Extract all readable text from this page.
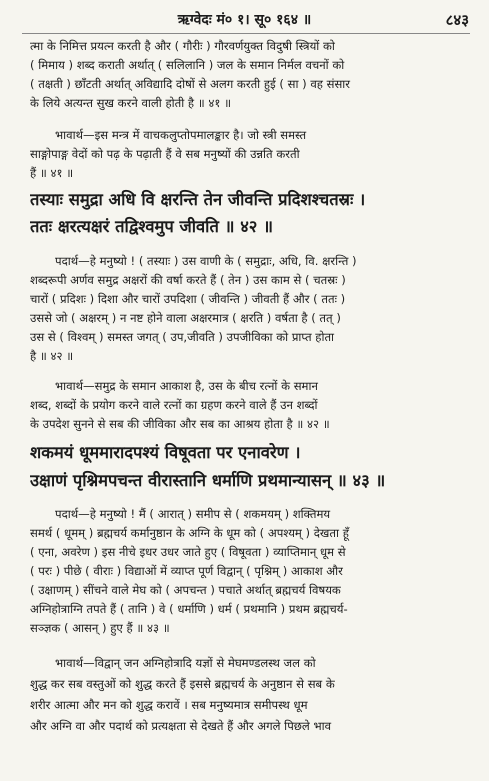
ऋग्वेदः मं० १। सू० १६४ ॥	८४३
त्मा के निमित्त प्रयत्न करती है और ( गौरीः ) गौरवर्णयुक्त विदुषी स्त्रियों को
( मिमाय ) शब्द कराती अर्थात् ( सलिलानि ) जल के समान निर्मल वचनों को
( तक्षती ) छाँटती अर्थात् अविद्यादि दोषों से अलग करती हुई ( सा ) वह संसार
के लिये अत्यन्त सुख करने वाली होती है ॥ ४१ ॥
भावार्थ—इस मन्त्र में वाचकलुप्तोपमालङ्कार है। जो स्त्री समस्त
साङ्गोपाङ्ग वेदों को पढ़ के पढ़ाती हैं वे सब मनुष्यों की उन्नति करती
हैं ॥ ४१ ॥
तस्याः समुद्रा अधि वि क्षरन्ति तेन जीवन्ति प्रदिशश्चतस्रः ।
ततः क्षरत्यक्षरं तद्विश्वमुप जीवति ॥ ४२ ॥
पदार्थ—हे मनुष्यो ! ( तस्याः ) उस वाणी के ( समुद्राः, अधि, वि. क्षरन्ति )
शब्दरूपी अर्णव समुद्र अक्षरों की वर्षा करते हैं ( तेन ) उस काम से ( चतस्रः )
चारों ( प्रदिशः ) दिशा और चारों उपदिशा ( जीवन्ति ) जीवती हैं और ( ततः )
उससे जो ( अक्षरम् ) न नष्ट होने वाला अक्षरमात्र ( क्षरति ) वर्षता है ( तत् )
उस से ( विश्वम् ) समस्त जगत् ( उप,जीवति ) उपजीविका को प्राप्त होता
है ॥ ४२ ॥
भावार्थ—समुद्र के समान आकाश है, उस के बीच रत्नों के समान
शब्द, शब्दों के प्रयोग करने वाले रत्नों का ग्रहण करने वाले हैं उन शब्दों
के उपदेश सुनने से सब की जीविका और सब का आश्रय होता है ॥ ४२ ॥
शकमयं धूममारादपश्यं विषूवता पर एनावरेण ।
उक्षाणं पृश्निमपचन्त वीरास्तानि धर्माणि प्रथमान्यासन् ॥ ४३ ॥
पदार्थ—हे मनुष्यो ! मैं ( आरात् ) समीप से ( शकमयम् ) शक्तिमय
समर्थ ( धूमम् ) ब्रह्मचर्य कर्मानुष्ठान के अग्नि के धूम को ( अपश्यम् ) देखता हूँ
( एना, अवरेण ) इस नीचे इधर उधर जाते हुए ( विषूवता ) व्याप्तिमान् धूम से
( परः ) पीछे ( वीराः ) विद्याओं में व्याप्त पूर्ण विद्वान् ( पृश्निम् ) आकाश और
( उक्षाणम् ) सींचने वाले मेघ को ( अपचन्त ) पचाते अर्थात् ब्रह्मचर्य विषयक
अग्निहोत्राग्नि तपते हैं ( तानि ) वे ( धर्माणि ) धर्म ( प्रथमानि ) प्रथम ब्रह्मचर्य-
सञ्ज्ञक ( आसन् ) हुए हैं ॥ ४३ ॥
भावार्थ—विद्वान् जन अग्निहोत्रादि यज्ञों से मेघमण्डलस्थ जल को
शुद्ध कर सब वस्तुओं को शुद्ध करते हैं इससे ब्रह्मचर्य के अनुष्ठान से सब के
शरीर आत्मा और मन को शुद्ध करावें । सब मनुष्यमात्र समीपस्थ धूम
और अग्नि वा और पदार्थ को प्रत्यक्षता से देखते हैं और अगले पिछले भाव
